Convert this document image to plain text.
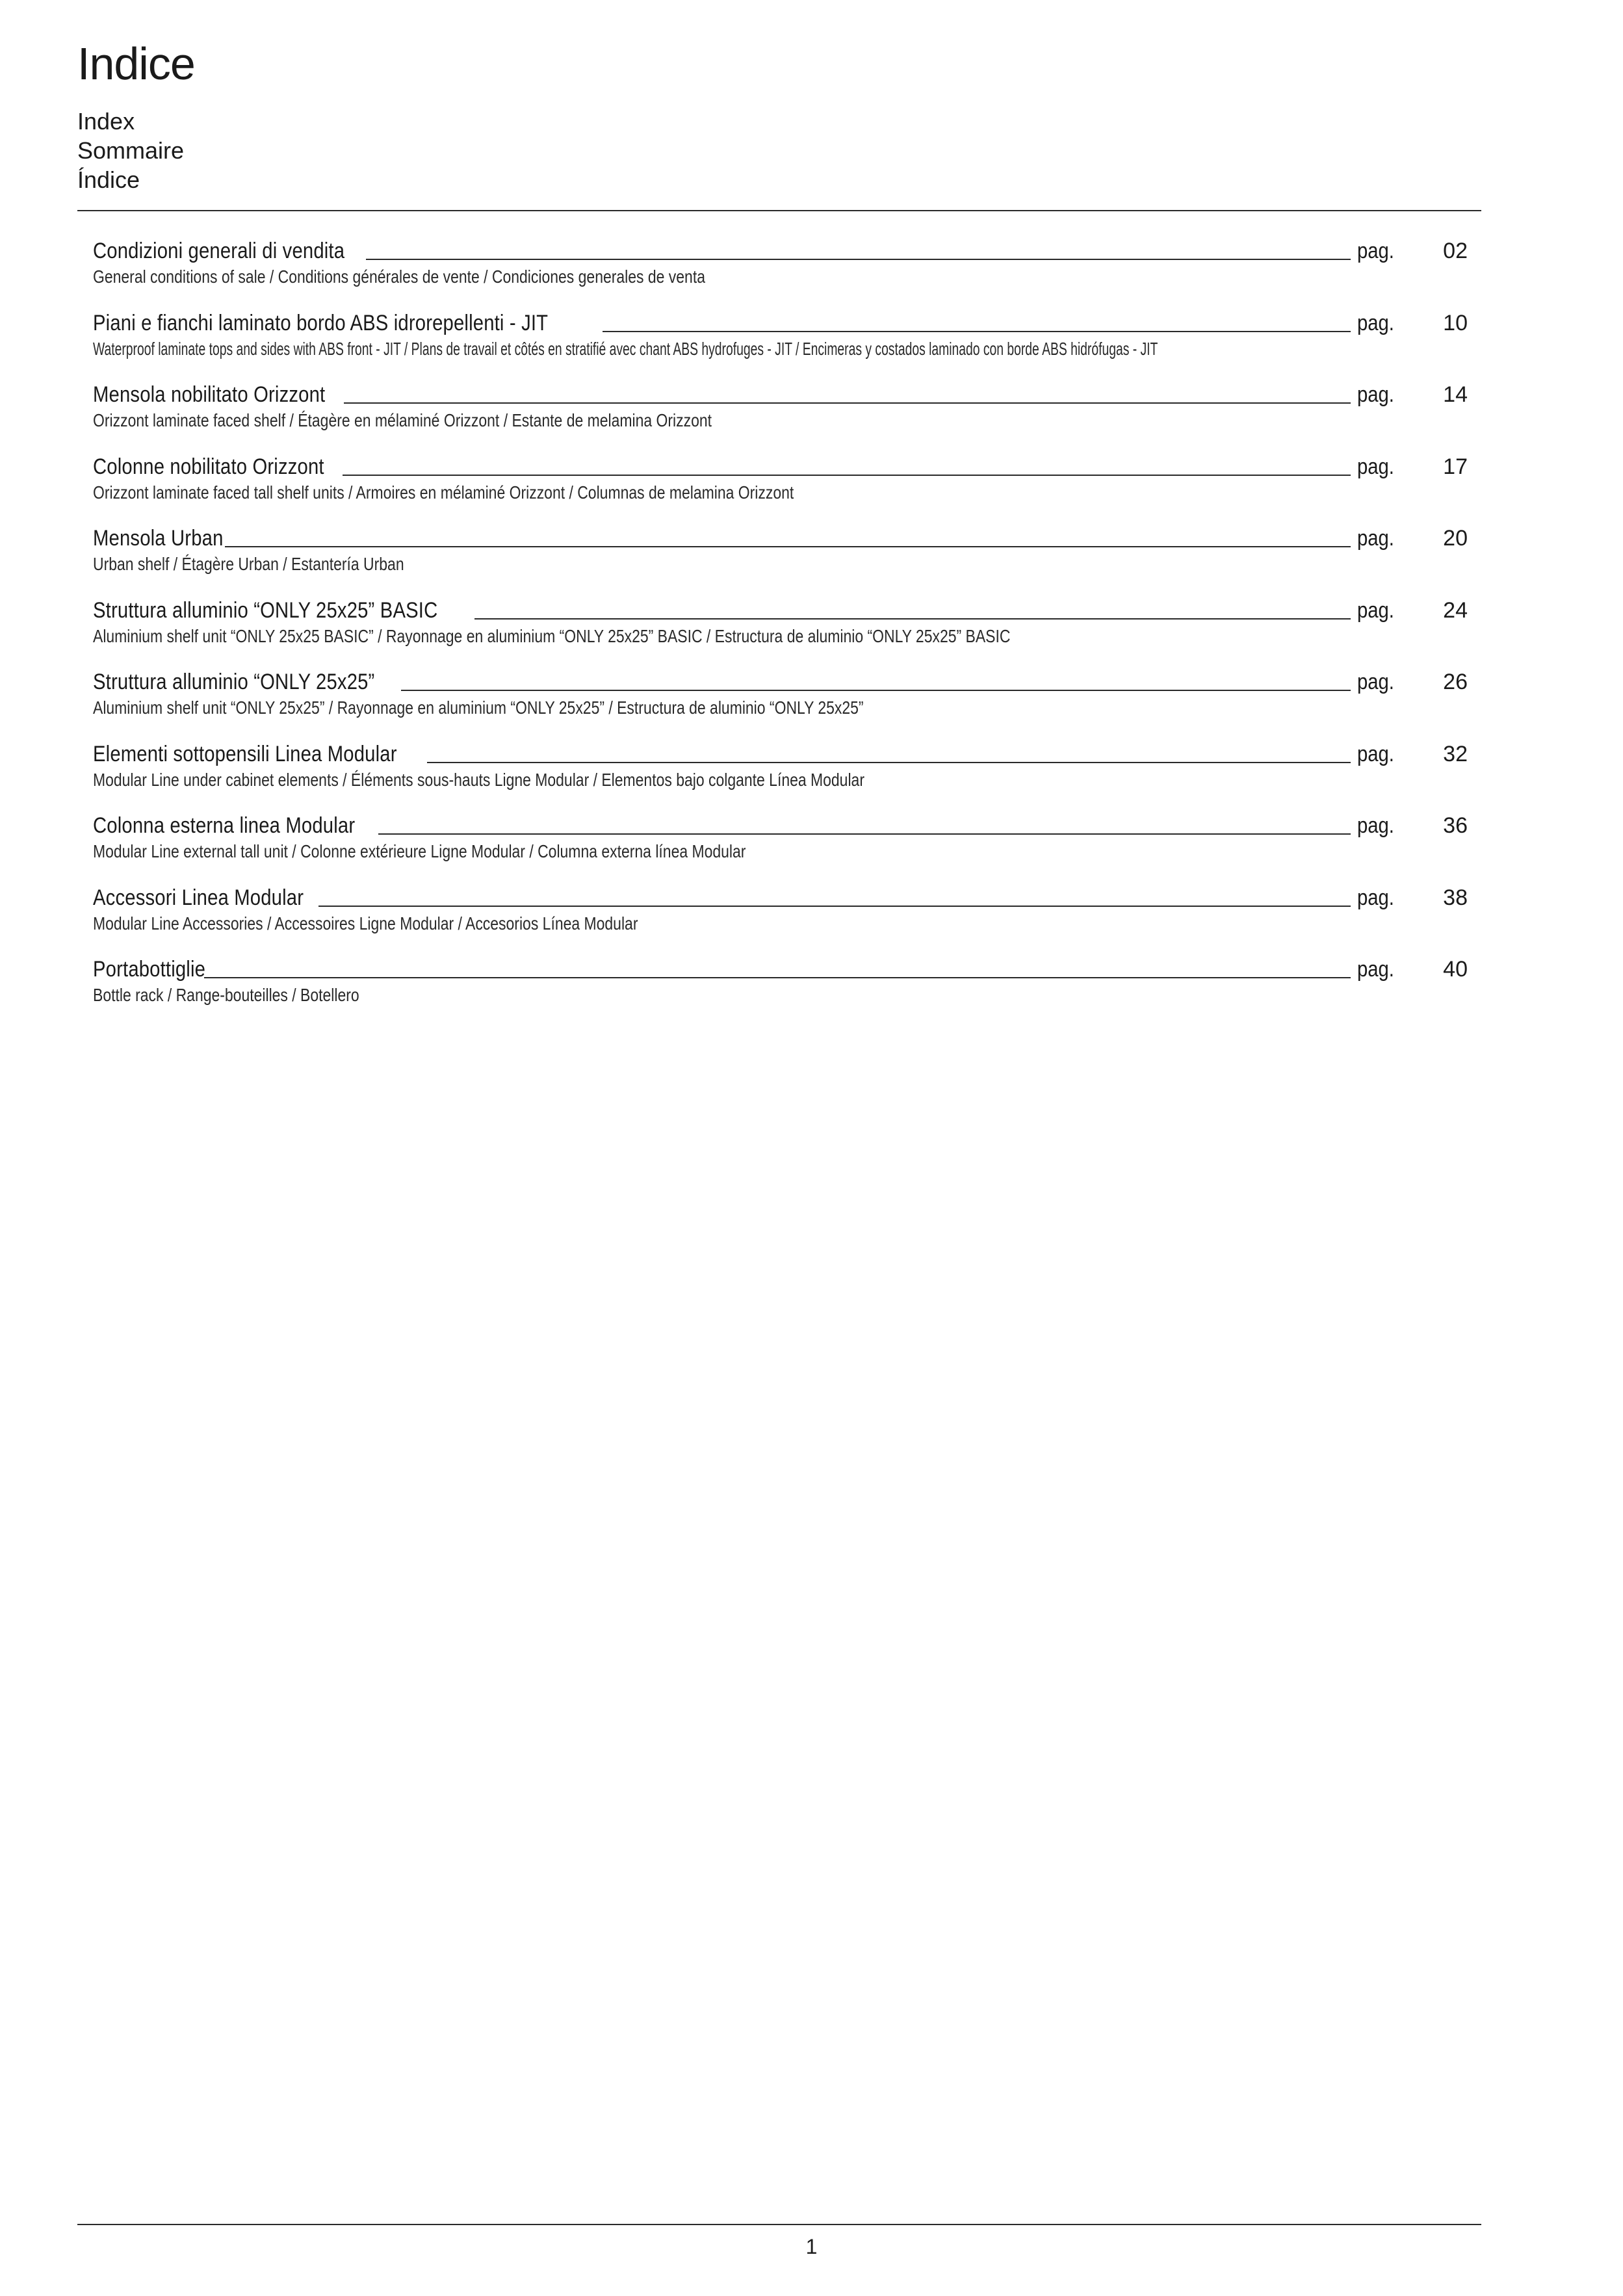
Indice
Index
Sommaire
Índice
Condizioni generali di vendita	pag.	02
General conditions of sale / Conditions générales de vente / Condiciones generales de venta
Piani e fianchi laminato bordo ABS idrorepellenti - JIT	pag.	10
Waterproof laminate tops and sides with ABS front - JIT / Plans de travail et côtés en stratifié avec chant ABS hydrofuges - JIT / Encimeras y costados laminado con borde ABS hidrófugas - JIT
Mensola nobilitato Orizzont	pag.	14
Orizzont laminate faced shelf / Étagère en mélaminé Orizzont / Estante de melamina Orizzont
Colonne nobilitato Orizzont	pag.	17
Orizzont laminate faced tall shelf units / Armoires en mélaminé Orizzont / Columnas de melamina Orizzont
Mensola Urban	pag.	20
Urban shelf / Étagère Urban / Estantería Urban
Struttura alluminio “ONLY 25x25” BASIC	pag.	24
Aluminium shelf unit “ONLY 25x25 BASIC” / Rayonnage en aluminium “ONLY 25x25” BASIC / Estructura de aluminio “ONLY 25x25” BASIC
Struttura alluminio “ONLY 25x25”	pag.	26
Aluminium shelf unit “ONLY 25x25” / Rayonnage en aluminium “ONLY 25x25” / Estructura de aluminio “ONLY 25x25”
Elementi sottopensili Linea Modular	pag.	32
Modular Line under cabinet elements / Éléments sous-hauts Ligne Modular / Elementos bajo colgante Línea Modular
Colonna esterna linea Modular	pag.	36
Modular Line external tall unit / Colonne extérieure Ligne Modular / Columna externa línea Modular
Accessori Linea Modular	pag.	38
Modular Line Accessories / Accessoires Ligne Modular / Accesorios Línea Modular
Portabottiglie	pag.	40
Bottle rack / Range-bouteilles / Botellero
1
